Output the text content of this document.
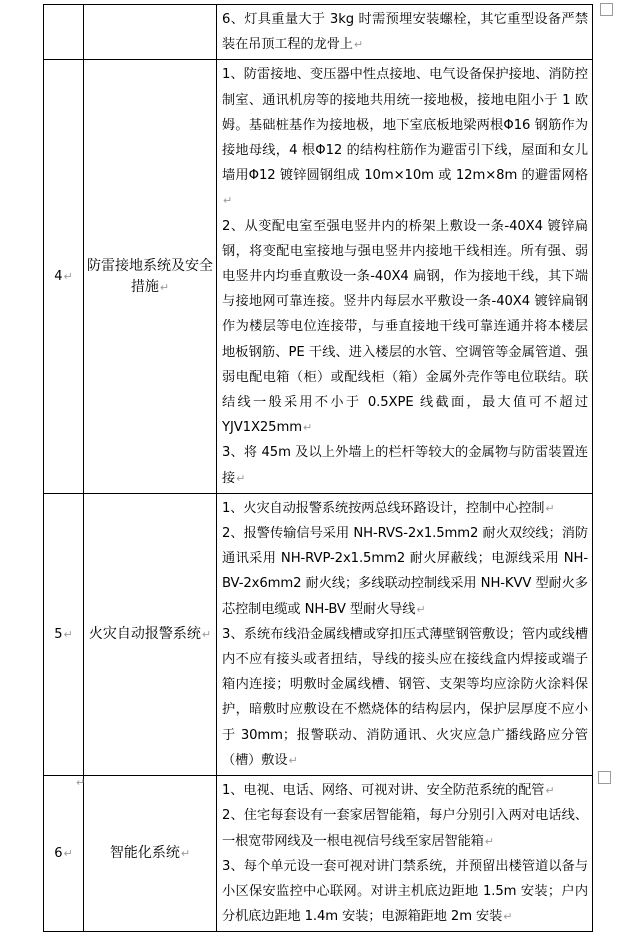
		6、灯具重量大于 3kg 时需预埋安装螺栓，其它重型设备严禁装在吊顶工程的龙骨上↵

4↵	防雷接地系统及安全措施↵	1、防雷接地、变压器中性点接地、电气设备保护接地、消防控制室、通讯机房等的接地共用统一接地极，接地电阻小于 1 欧姆。基础桩基作为接地极，地下室底板地梁两根Φ16 钢筋作为接地母线，4 根Φ12 的结构柱筋作为避雷引下线，屋面和女儿墙用Φ12 镀锌圆钢组成 10m×10m 或 12m×8m 的避雷网格↵

2、从变配电室至强电竖井内的桥架上敷设一条-40X4 镀锌扁钢，将变配电室接地与强电竖井内接地干线相连。所有强、弱电竖井内均垂直敷设一条-40X4 扁钢，作为接地干线，其下端与接地网可靠连接。竖井内每层水平敷设一条-40X4 镀锌扁钢作为楼层等电位连接带，与垂直接地干线可靠连通并将本楼层地板钢筋、PE 干线、进入楼层的水管、空调管等金属管道、强弱电配电箱（柜）或配线柜（箱）金属外壳作等电位联结。联结线一般采用不小于 0.5XPE 线截面，最大值可不超过 YJV1X25mm↵

3、将 45m 及以上外墙上的栏杆等较大的金属物与防雷装置连接↵

5↵	火灾自动报警系统↵	1、火灾自动报警系统按两总线环路设计，控制中心控制↵

2、报警传输信号采用 NH-RVS-2x1.5mm2 耐火双绞线；消防通讯采用 NH-RVP-2x1.5mm2 耐火屏蔽线；电源线采用 NH-BV-2x6mm2 耐火线；多线联动控制线采用 NH-KVV 型耐火多芯控制电缆或 NH-BV 型耐火导线↵

3、系统布线沿金属线槽或穿扣压式薄壁钢管敷设；管内或线槽内不应有接头或者扭结，导线的接头应在接线盒内焊接或端子箱内连接；明敷时金属线槽、钢管、支架等均应涂防火涂料保护，暗敷时应敷设在不燃烧体的结构层内，保护层厚度不应小于 30mm；报警联动、消防通讯、火灾应急广播线路应分管（槽）敷设↵

6↵	智能化系统↵	1、电视、电话、网络、可视对讲、安全防范系统的配管↵

2、住宅每套设有一套家居智能箱，每户分别引入两对电话线、一根宽带网线及一根电视信号线至家居智能箱↵

3、每个单元设一套可视对讲门禁系统，并预留出楼管道以备与小区保安监控中心联网。对讲主机底边距地 1.5m 安装；户内分机底边距地 1.4m 安装；电源箱距地 2m 安装↵

↵
